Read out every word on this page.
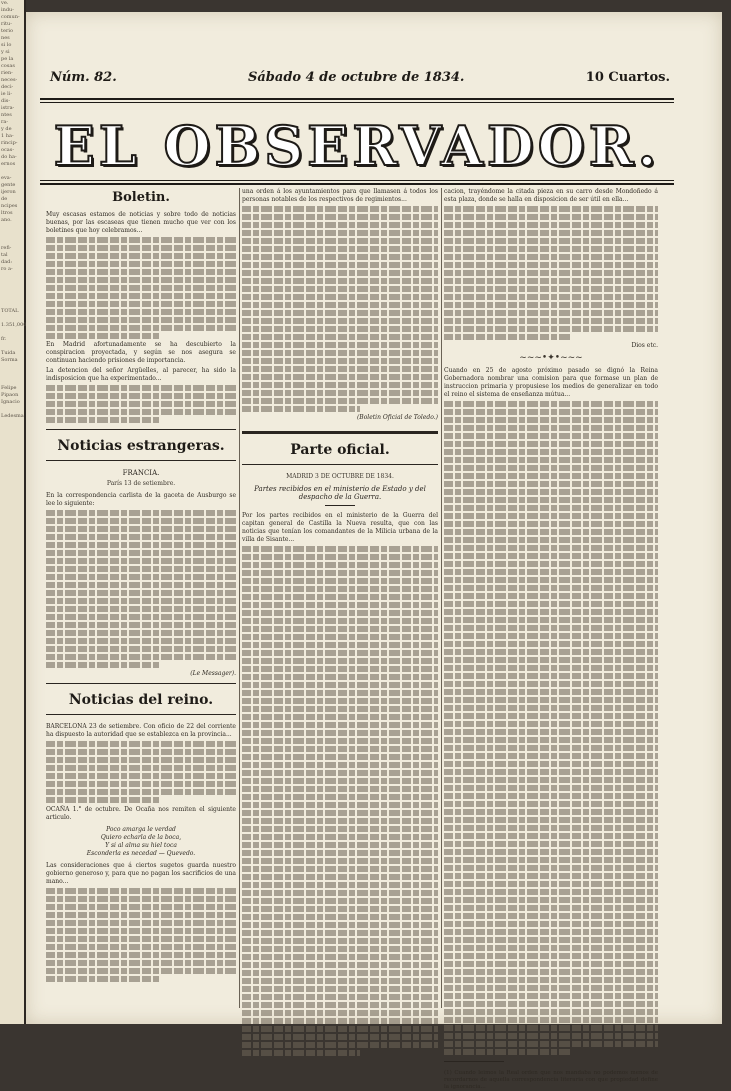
ve.
indu-
comun-
ritu-
terio
nes
si lo
y si
pe la
cosas
rien-
neces-
deci-
ie li-
dis-
istra-
ntes
ra-
y de
1 ha-
rincip-
ocas-
do ha-
ernos

eva-
gente
ijeron
de
ncipes
ltros
ano.

refi-
tal
dad:
ro a-

TOTAL

1.351,000

fr.

Tuida
Sorma

Felipe
Pipaon
Ignacio

Ledesma
Núm. 82.	Sábado 4 de octubre de 1834.	10 Cuartos.
EL OBSERVADOR.
Boletin.

Muy escasas estamos de noticias y sobre todo de noticias buenas, por las escaseas que tienen mucho que ver con los boletines que hoy celebramos...

En Madrid afortunadamente se ha descubierto la conspiracion proyectada, y según se nos asegura se continuan haciendo prisiones de importancia.

La detencion del señor Argüelles, al parecer, ha sido la indisposicion que ha experimentado...

Noticias estrangeras.
FRANCIA.
París 13 de setiembre.

En la correspondencia carlista de la gaceta de Ausburgo se lee lo siguiente:

(Le Messager).
Noticias del reino.

BARCELONA 23 de setiembre. Con oficio de 22 del corriente ha dispuesto la autoridad que se establezca en la provincia...

OCAÑA 1.° de octubre. De Ocaña nos remiten el siguiente articulo.

Poco amarga le verdad
Quiero echarla de la boca,
Y si al alma su hiel toca
Esconderla es necedad — Quevedo.

Las consideraciones que á ciertos sugetos guarda nuestro gobierno generoso y, para que no pagan los sacrificios de una mano...

una orden á los ayuntamientos para que llamasen á todos los personas notables de los respectivos de regimientos...

(Boletin Oficial de Toledo.)
Parte oficial.
MADRID 3 DE OCTUBRE DE 1834.
Partes recibidos en el ministerio de Estado y del despacho de la Guerra.

Por los partes recibidos en el ministerio de la Guerra del capitan general de Castilla la Nueva resulta, que con las noticias que tenían los comandantes de la Milicia urbana de la villa de Sisante...

cacion, trayéndome la citada pieza en su carro desde Mondoñedo á esta plaza, donde se halla en disposicion de ser útil en ella...

Dios etc.
~~~•✦•~~~

Cuando en 25 de agosto próximo pasado se dignó la Reina Gobernadora nombrar una comision para que formase un plan de instruccion primaria y propusiese los medios de generalizar en todo el reino el sistema de enseñanza mútua...

(1) Cuando leimos la Real orden que nos mandaba no podemos menos de recordarnos de aquella correspondencia literaria con que propiedad define la ignorancia...
